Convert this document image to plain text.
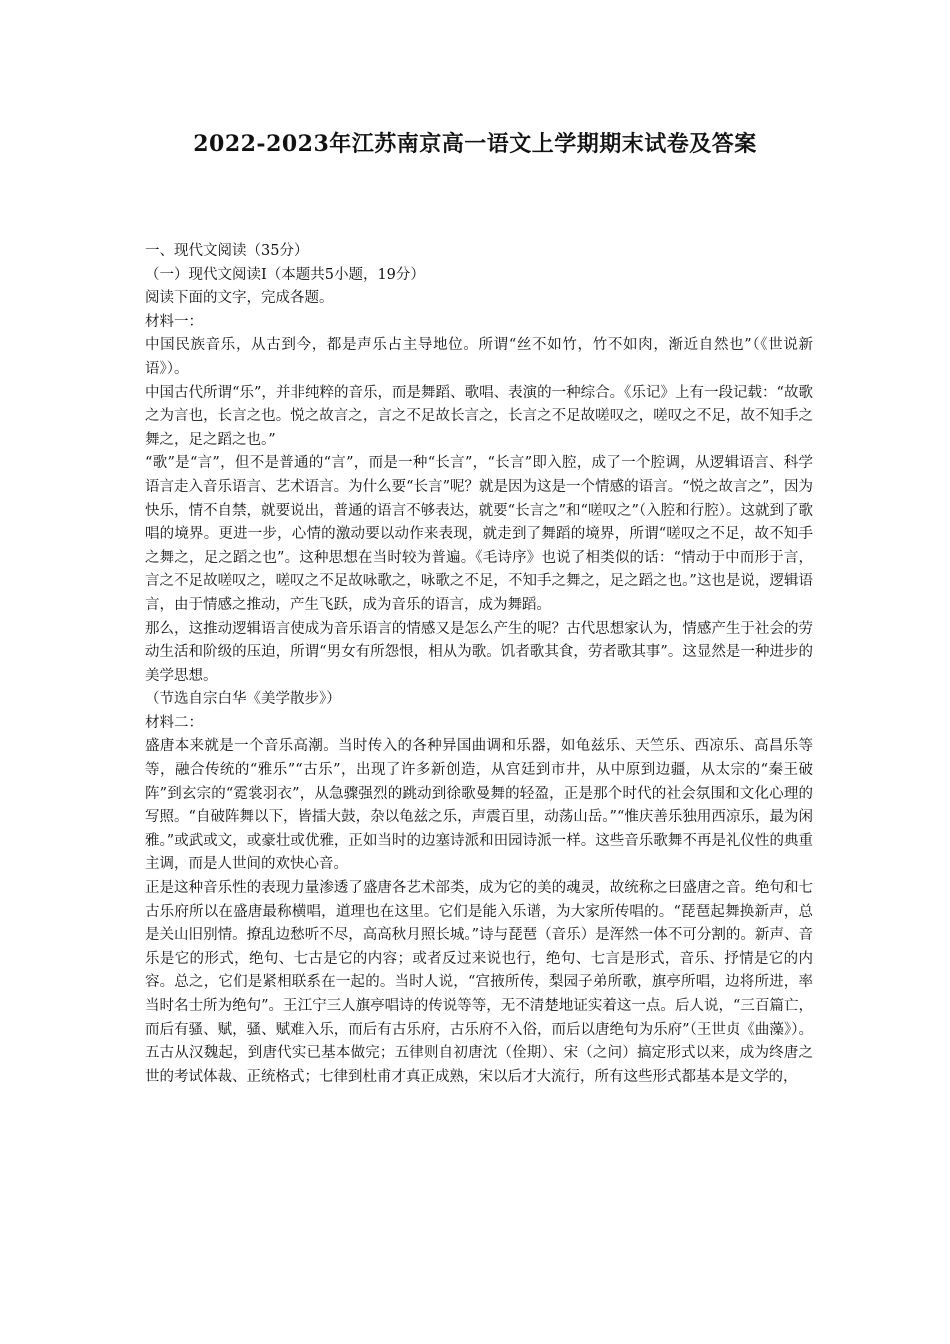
2022-2023年江苏南京高一语文上学期期末试卷及答案

一、现代文阅读（35分）

（一）现代文阅读Ⅰ（本题共5小题，19分）

阅读下面的文字，完成各题。

材料一：

中国民族音乐，从古到今，都是声乐占主导地位。所谓“丝不如竹，竹不如肉，渐近自然也”（《世说新语》）。

中国古代所谓“乐”，并非纯粹的音乐，而是舞蹈、歌唱、表演的一种综合。《乐记》上有一段记载：“故歌之为言也，长言之也。悦之故言之，言之不足故长言之，长言之不足故嗟叹之，嗟叹之不足，故不知手之舞之，足之蹈之也。”

“歌”是“言”，但不是普通的“言”，而是一种“长言”，“长言”即入腔，成了一个腔调，从逻辑语言、科学语言走入音乐语言、艺术语言。为什么要“长言”呢？就是因为这是一个情感的语言。“悦之故言之”，因为快乐，情不自禁，就要说出，普通的语言不够表达，就要“长言之”和“嗟叹之”（入腔和行腔）。这就到了歌唱的境界。更进一步，心情的激动要以动作来表现，就走到了舞蹈的境界，所谓“嗟叹之不足，故不知手之舞之，足之蹈之也”。这种思想在当时较为普遍。《毛诗序》也说了相类似的话：“情动于中而形于言，言之不足故嗟叹之，嗟叹之不足故咏歌之，咏歌之不足，不知手之舞之，足之蹈之也。”这也是说，逻辑语言，由于情感之推动，产生飞跃，成为音乐的语言，成为舞蹈。

那么，这推动逻辑语言使成为音乐语言的情感又是怎么产生的呢？古代思想家认为，情感产生于社会的劳动生活和阶级的压迫，所谓“男女有所怨恨，相从为歌。饥者歌其食，劳者歌其事”。这显然是一种进步的美学思想。

（节选自宗白华《美学散步》）

材料二：

盛唐本来就是一个音乐高潮。当时传入的各种异国曲调和乐器，如龟兹乐、天竺乐、西凉乐、高昌乐等等，融合传统的“雅乐”“古乐”，出现了许多新创造，从宫廷到市井，从中原到边疆，从太宗的“秦王破阵”到玄宗的“霓裳羽衣”，从急骤强烈的跳动到徐歌曼舞的轻盈，正是那个时代的社会氛围和文化心理的写照。“自破阵舞以下，皆擂大鼓，杂以龟兹之乐，声震百里，动荡山岳。”“惟庆善乐独用西凉乐，最为闲雅。”或武或文，或豪壮或优雅，正如当时的边塞诗派和田园诗派一样。这些音乐歌舞不再是礼仪性的典重主调，而是人世间的欢快心音。

正是这种音乐性的表现力量渗透了盛唐各艺术部类，成为它的美的魂灵，故统称之曰盛唐之音。绝句和七古乐府所以在盛唐最称横唱，道理也在这里。它们是能入乐谱，为大家所传唱的。“琵琶起舞换新声，总是关山旧别情。撩乱边愁听不尽，高高秋月照长城。”诗与琵琶（音乐）是浑然一体不可分割的。新声、音乐是它的形式，绝句、七古是它的内容；或者反过来说也行，绝句、七言是形式，音乐、抒情是它的内容。总之，它们是紧相联系在一起的。当时人说，“宫掖所传，梨园子弟所歌，旗亭所唱，边将所进，率当时名士所为绝句”。王江宁三人旗亭唱诗的传说等等，无不清楚地证实着这一点。后人说，“三百篇亡，而后有骚、赋，骚、赋难入乐，而后有古乐府，古乐府不入俗，而后以唐绝句为乐府”（王世贞《曲藻》）。五古从汉魏起，到唐代实已基本做完；五律则自初唐沈（佺期）、宋（之问）搞定形式以来，成为终唐之世的考试体裁、正统格式；七律到杜甫才真正成熟，宋以后才大流行，所有这些形式都基本是文学的，
